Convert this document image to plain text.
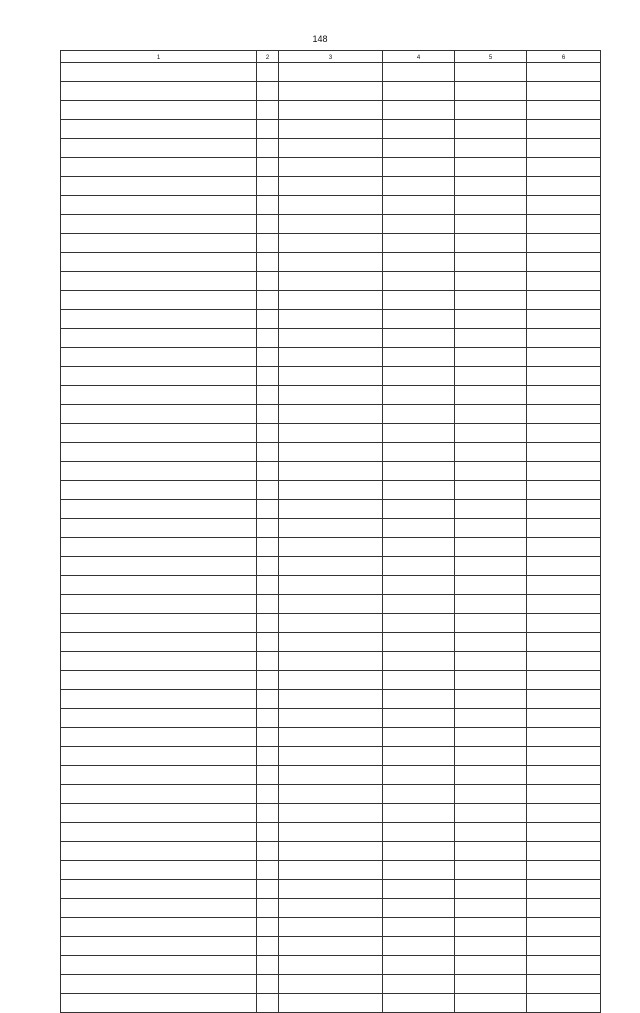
148
1	2	3	4	5	6
